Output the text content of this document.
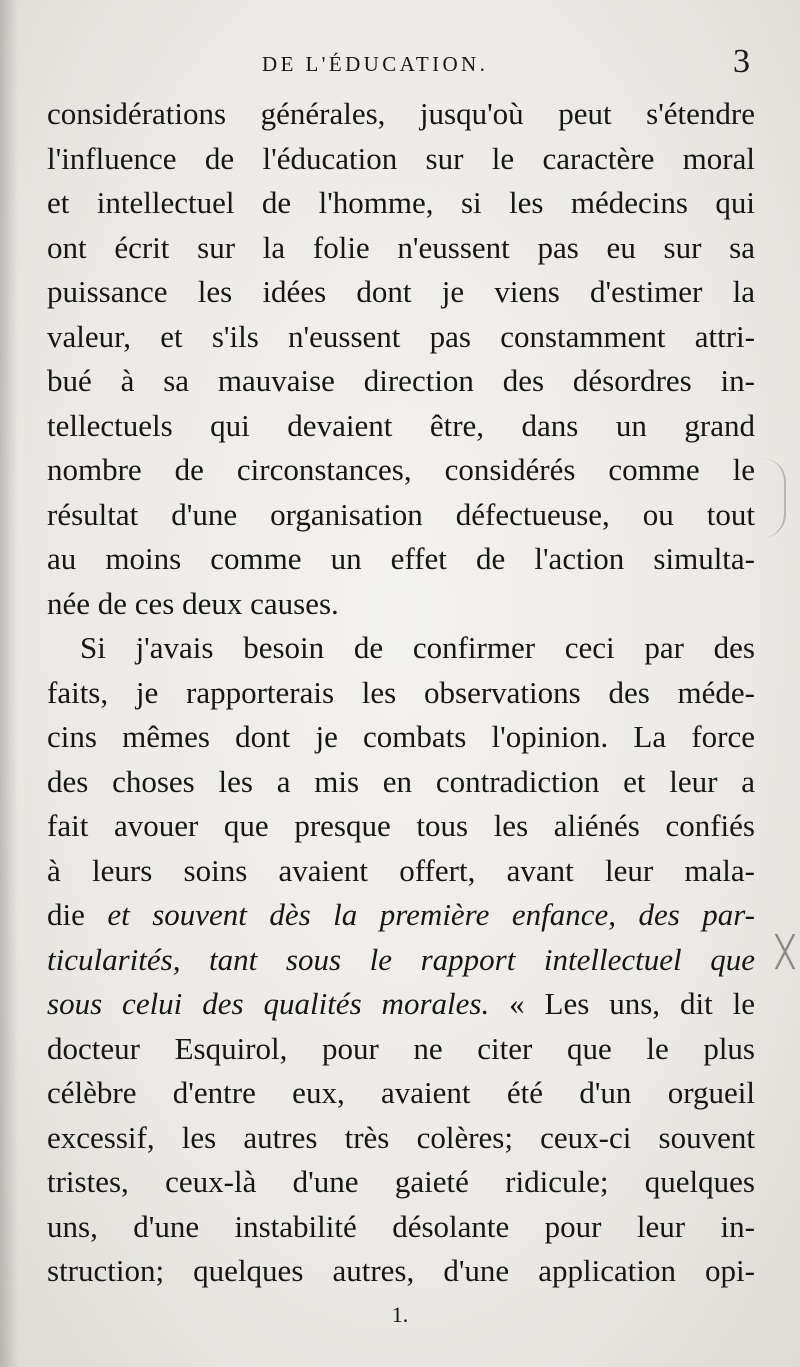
DE L'ÉDUCATION.	3
considérations générales, jusqu'où peut s'étendre
l'influence de l'éducation sur le caractère moral
et intellectuel de l'homme, si les médecins qui
ont écrit sur la folie n'eussent pas eu sur sa
puissance les idées dont je viens d'estimer la
valeur, et s'ils n'eussent pas constamment attri-
bué à sa mauvaise direction des désordres in-
tellectuels qui devaient être, dans un grand
nombre de circonstances, considérés comme le
résultat d'une organisation défectueuse, ou tout
au moins comme un effet de l'action simulta-
née de ces deux causes.
Si j'avais besoin de confirmer ceci par des
faits, je rapporterais les observations des méde-
cins mêmes dont je combats l'opinion. La force
des choses les a mis en contradiction et leur a
fait avouer que presque tous les aliénés confiés
à leurs soins avaient offert, avant leur mala-
die et souvent dès la première enfance, des par-
ticularités, tant sous le rapport intellectuel que
sous celui des qualités morales. « Les uns, dit le
docteur Esquirol, pour ne citer que le plus
célèbre d'entre eux, avaient été d'un orgueil
excessif, les autres très colères; ceux-ci souvent
tristes, ceux-là d'une gaieté ridicule; quelques
uns, d'une instabilité désolante pour leur in-
struction; quelques autres, d'une application opi-
╳
1.
